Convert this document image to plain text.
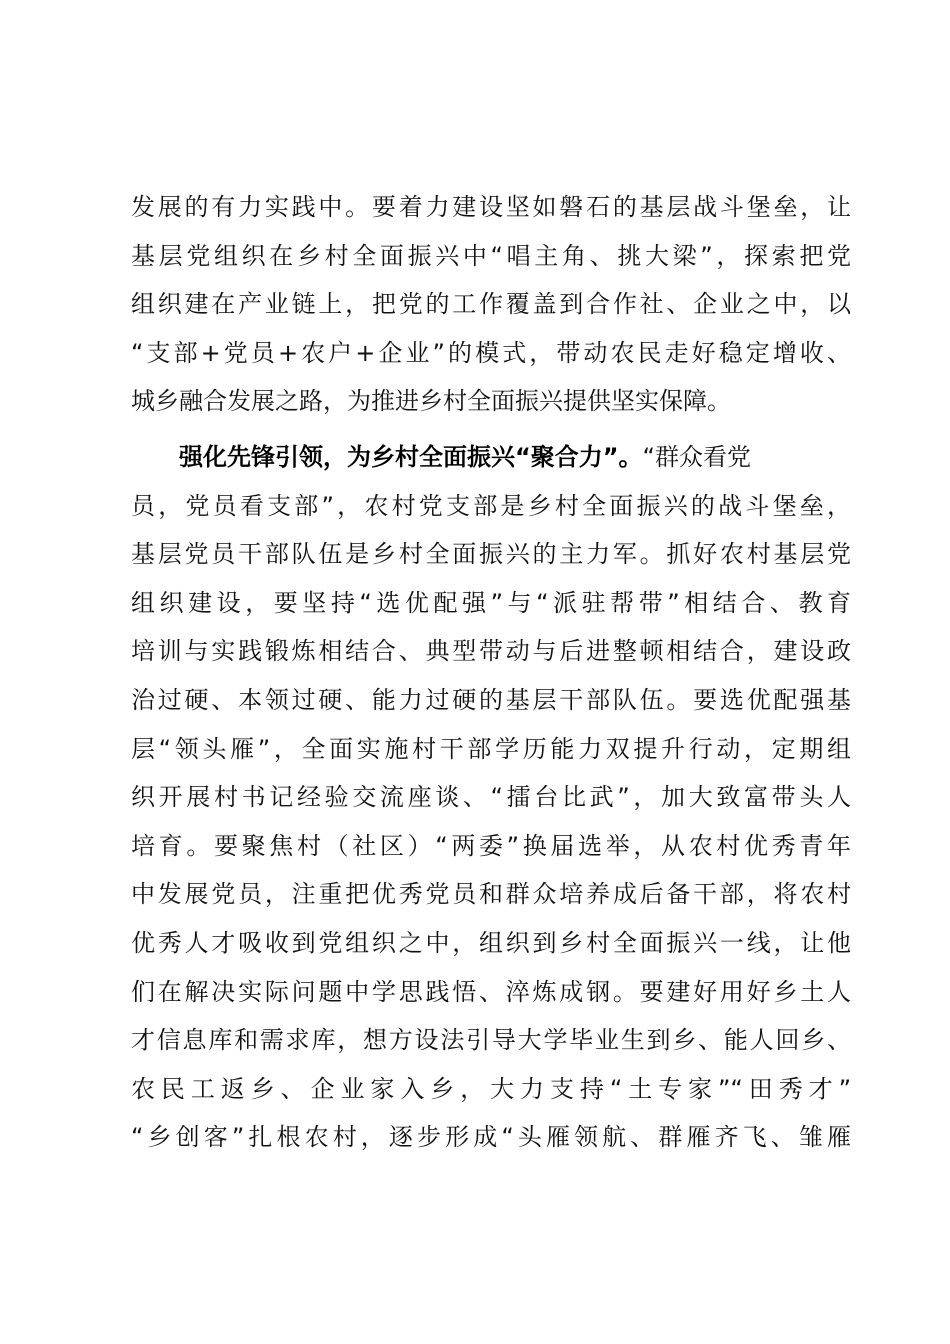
发展的有力实践中。要着力建设坚如磐石的基层战斗堡垒，让
基层党组织在乡村全面振兴中“唱主角、挑大梁”，探索把党
组织建在产业链上，把党的工作覆盖到合作社、企业之中，以
“支部+党员+农户+企业”的模式，带动农民走好稳定增收、
城乡融合发展之路，为推进乡村全面振兴提供坚实保障。
强化先锋引领，为乡村全面振兴“聚合力”。“群众看党
员，党员看支部”，农村党支部是乡村全面振兴的战斗堡垒，
基层党员干部队伍是乡村全面振兴的主力军。抓好农村基层党
组织建设，要坚持“选优配强”与“派驻帮带”相结合、教育
培训与实践锻炼相结合、典型带动与后进整顿相结合，建设政
治过硬、本领过硬、能力过硬的基层干部队伍。要选优配强基
层“领头雁”，全面实施村干部学历能力双提升行动，定期组
织开展村书记经验交流座谈、“擂台比武”，加大致富带头人
培育。要聚焦村（社区）“两委”换届选举，从农村优秀青年
中发展党员，注重把优秀党员和群众培养成后备干部，将农村
优秀人才吸收到党组织之中，组织到乡村全面振兴一线，让他
们在解决实际问题中学思践悟、淬炼成钢。要建好用好乡土人
才信息库和需求库，想方设法引导大学毕业生到乡、能人回乡、
农民工返乡、企业家入乡，大力支持“土专家”“田秀才”
“乡创客”扎根农村，逐步形成“头雁领航、群雁齐飞、雏雁
